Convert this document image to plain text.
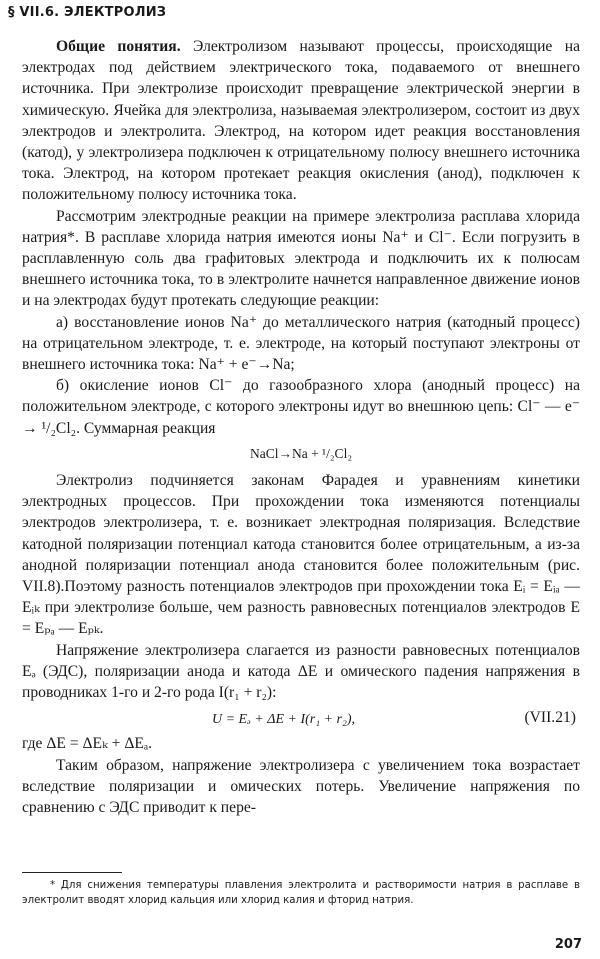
§ VII.6. ЭЛЕКТРОЛИЗ

Общие понятия. Электролизом называют процессы, происходящие на электродах под действием электрического тока, подаваемого от внешнего источника. При электролизе происходит превращение электрической энергии в химическую. Ячейка для электролиза, называемая электролизером, состоит из двух электродов и электролита. Электрод, на котором идет реакция восстановления (катод), у электролизера подключен к отрицательному полюсу внешнего источника тока. Электрод, на котором протекает реакция окисления (анод), подключен к положительному полюсу источника тока.

Рассмотрим электродные реакции на примере электролиза расплава хлорида натрия*. В расплаве хлорида натрия имеются ионы Na⁺ и Cl⁻. Если погрузить в расплавленную соль два графитовых электрода и подключить их к полюсам внешнего источника тока, то в электролите начнется направленное движение ионов и на электродах будут протекать следующие реакции:

а) восстановление ионов Na⁺ до металлического натрия (катодный процесс) на отрицательном электроде, т. е. электроде, на который поступают электроны от внешнего источника тока: Na⁺ + e⁻→Na;

б) окисление ионов Cl⁻ до газообразного хлора (анодный процесс) на положительном электроде, с которого электроны идут во внешнюю цепь: Cl⁻ — e⁻ → ¹/₂Cl₂. Суммарная реакция

NaCl→Na + ¹/₂Cl₂

Электролиз подчиняется законам Фарадея и уравнениям кинетики электродных процессов. При прохождении тока изменяются потенциалы электродов электролизера, т. е. возникает электродная поляризация. Вследствие катодной поляризации потенциал катода становится более отрицательным, а из-за анодной поляризации потенциал анода становится более положительным (рис. VII.8).Поэтому разность потенциалов электродов при прохождении тока Eᵢ = Eᵢₐ — Eᵢₖ при электролизе больше, чем разность равновесных потенциалов электродов E = Eₚₐ — Eₚₖ.

Напряжение электролизера слагается из разности равновесных потенциалов Eₔ (ЭДС), поляризации анода и катода ΔE и омического падения напряжения в проводниках 1-го и 2-го рода I(r₁ + r₂):

U = Eₔ + ΔE + I(r₁ + r₂),	(VII.21)

где ΔE = ΔEₖ + ΔEₐ.

Таким образом, напряжение электролизера с увеличением тока возрастает вследствие поляризации и омических потерь. Увеличение напряжения по сравнению с ЭДС приводит к пере-

* Для снижения температуры плавления электролита и растворимости натрия в расплаве в электролит вводят хлорид кальция или хлорид калия и фторид натрия.
207
